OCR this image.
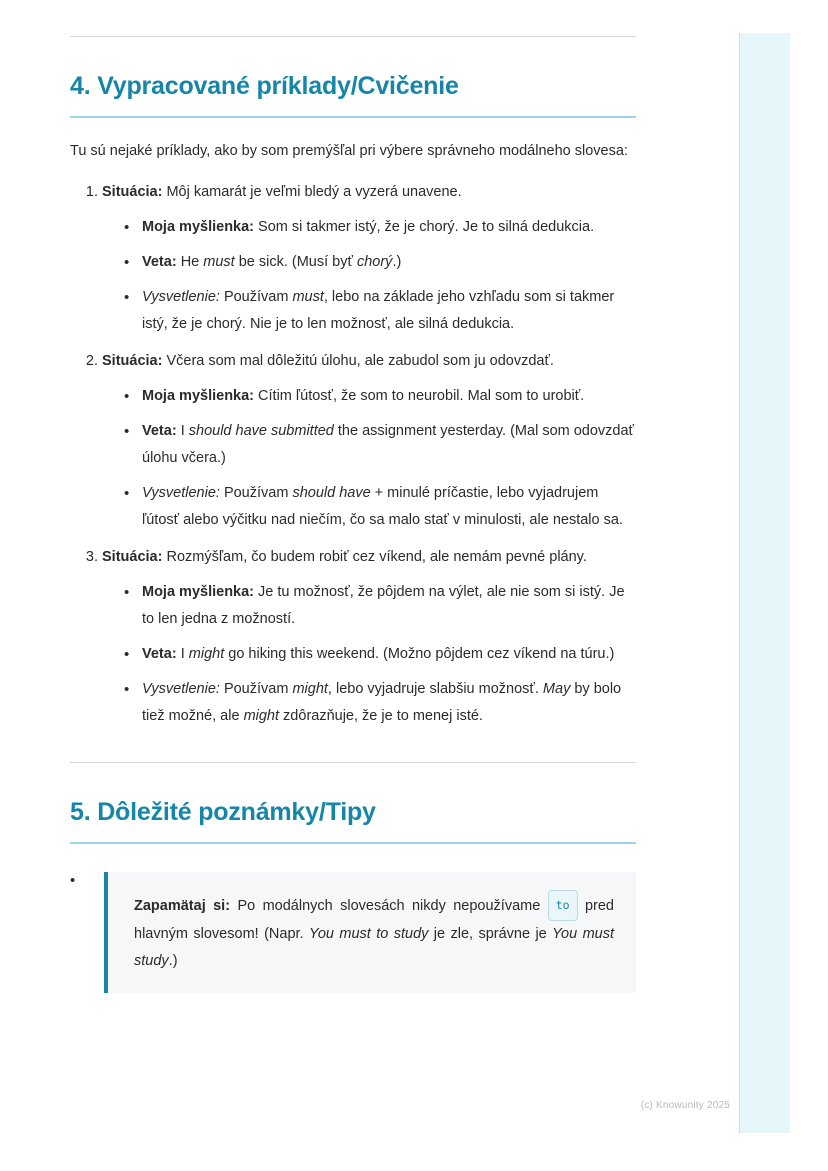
4. Vypracované príklady/Cvičenie

Tu sú nejaké príklady, ako by som premýšľal pri výbere správneho modálneho slovesa:

1. Situácia: Môj kamarát je veľmi bledý a vyzerá unavene.
• Moja myšlienka: Som si takmer istý, že je chorý. Je to silná dedukcia.
• Veta: He must be sick. (Musí byť chorý.)
• Vysvetlenie: Používam must, lebo na základe jeho vzhľadu som si takmer istý, že je chorý. Nie je to len možnosť, ale silná dedukcia.
2. Situácia: Včera som mal dôležitú úlohu, ale zabudol som ju odovzdať.
• Moja myšlienka: Cítim ľútosť, že som to neurobil. Mal som to urobiť.
• Veta: I should have submitted the assignment yesterday. (Mal som odovzdať úlohu včera.)
• Vysvetlenie: Používam should have + minulé príčastie, lebo vyjadrujem ľútosť alebo výčitku nad niečím, čo sa malo stať v minulosti, ale nestalo sa.
3. Situácia: Rozmýšľam, čo budem robiť cez víkend, ale nemám pevné plány.
• Moja myšlienka: Je tu možnosť, že pôjdem na výlet, ale nie som si istý. Je to len jedna z možností.
• Veta: I might go hiking this weekend. (Možno pôjdem cez víkend na túru.)
• Vysvetlenie: Používam might, lebo vyjadruje slabšiu možnosť. May by bolo tiež možné, ale might zdôrazňuje, že je to menej isté.
5. Dôležité poznámky/Tipy
•
Zapamätaj si: Po modálnych slovesách nikdy nepoužívame to pred hlavným slovesom! (Napr. You must to study je zle, správne je You must study.)
(c) Knowunity 2025
